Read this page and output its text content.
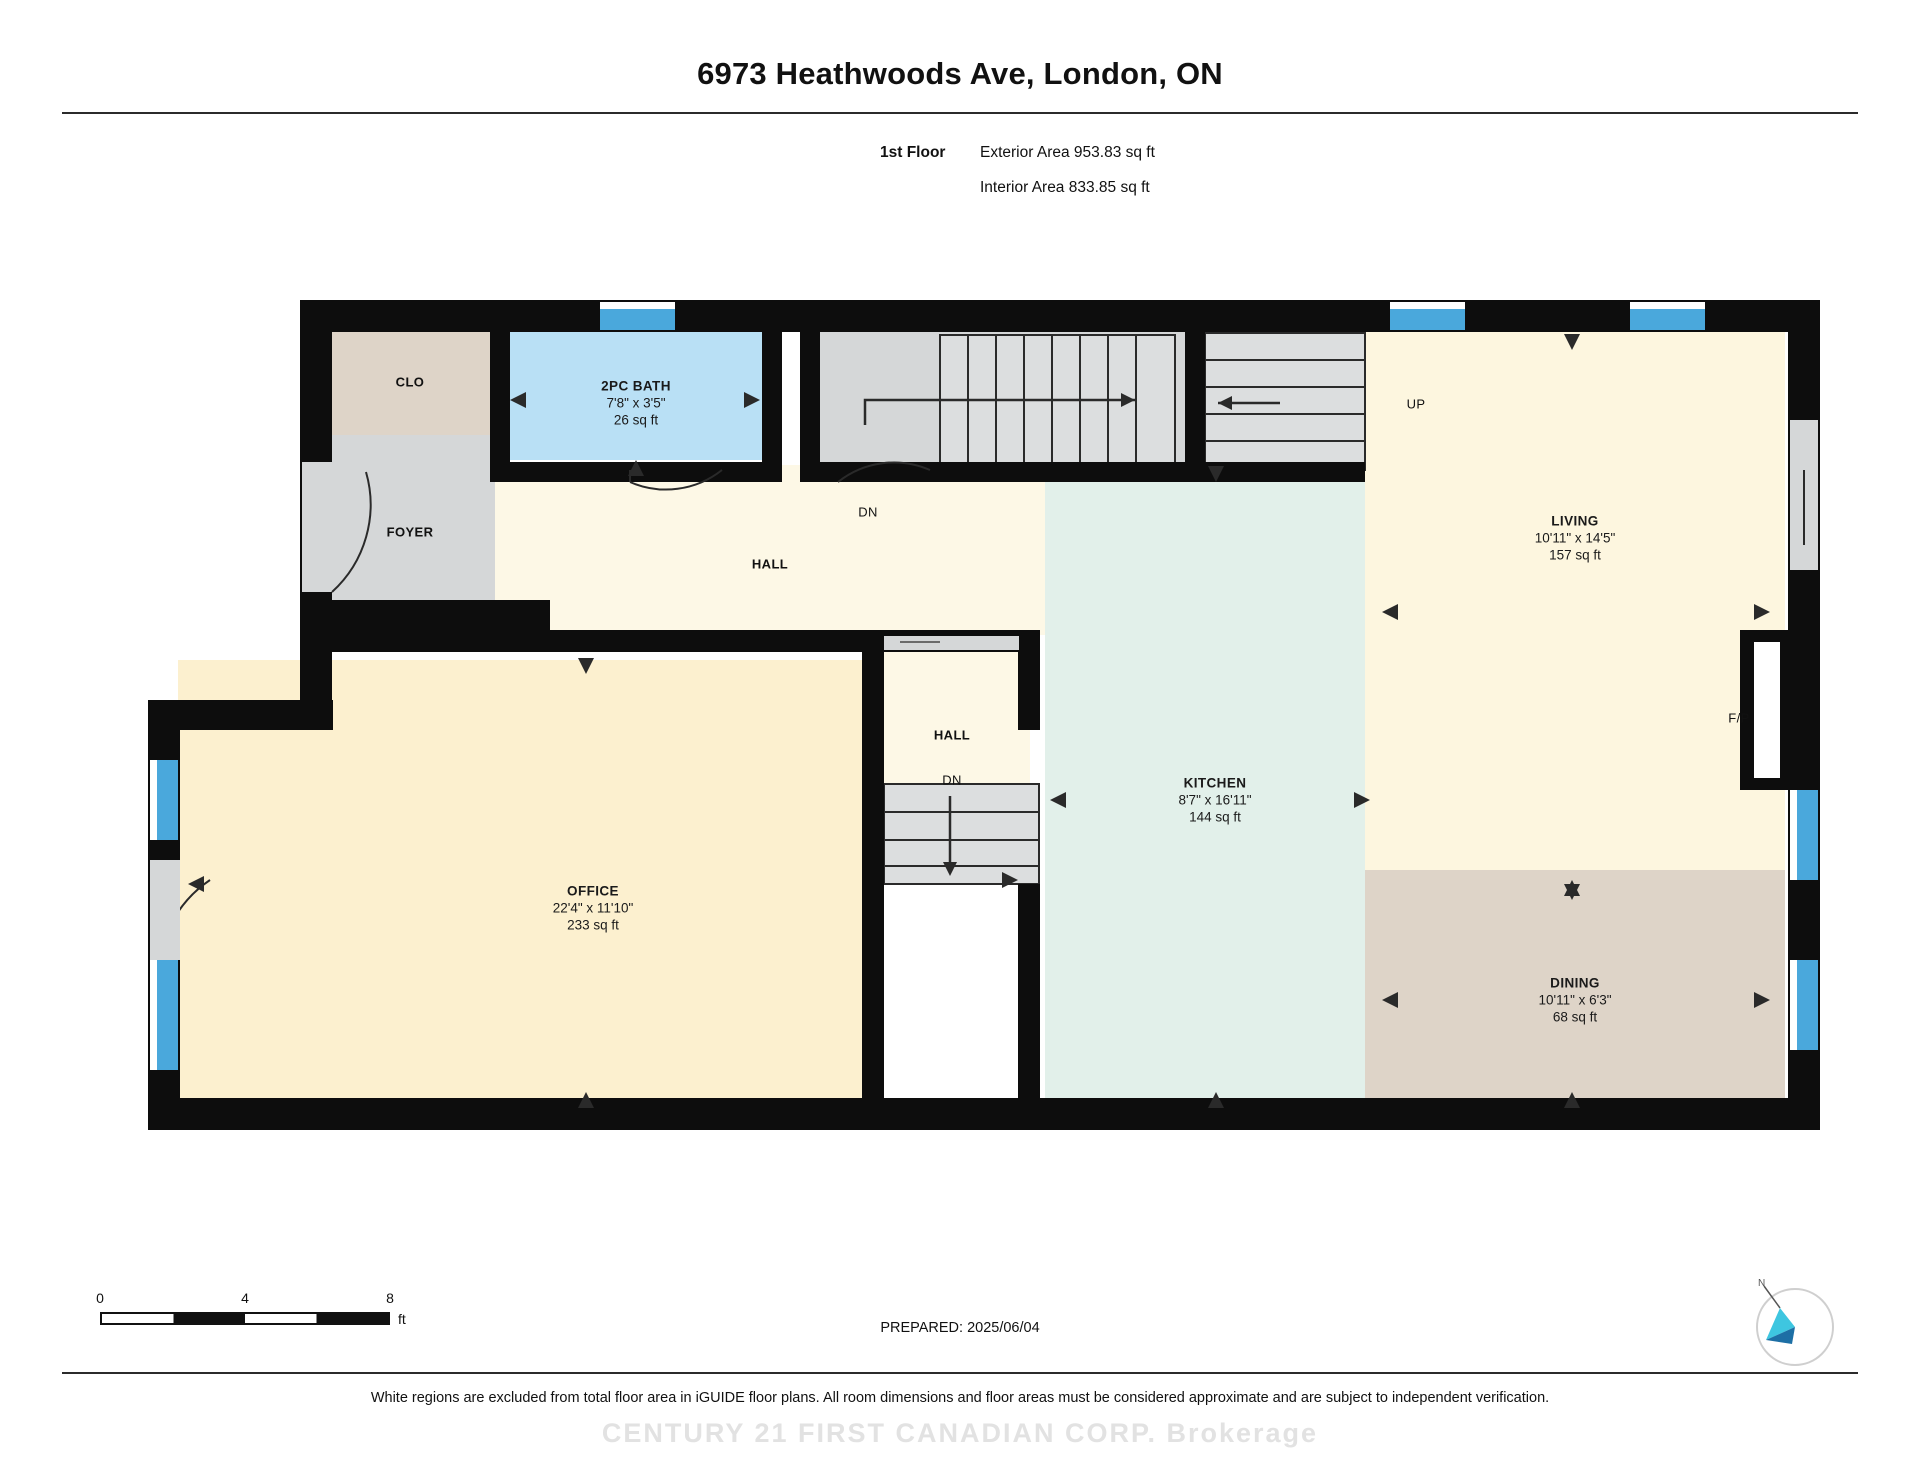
6973 Heathwoods Ave, London, ON
1st Floor Exterior Area 953.83 sq ft
Interior Area 833.85 sq ft
CLO	2PC BATH
7'8" x 3'5"
26 sq ft
FOYER
HALL
LIVING
10'11" x 14'5"
157 sq ft
HALL
OFFICE
22'4" x 11'10"
233 sq ft
KITCHEN
8'7" x 16'11"
144 sq ft
DINING
10'11" x 6'3"
68 sq ft
UP
DN
DN
F/P
0	4	8
ft
PREPARED: 2025/06/04
N
White regions are excluded from total floor area in iGUIDE floor plans. All room dimensions and floor areas must be considered approximate and are subject to independent verification.
CENTURY 21 FIRST CANADIAN CORP. Brokerage
